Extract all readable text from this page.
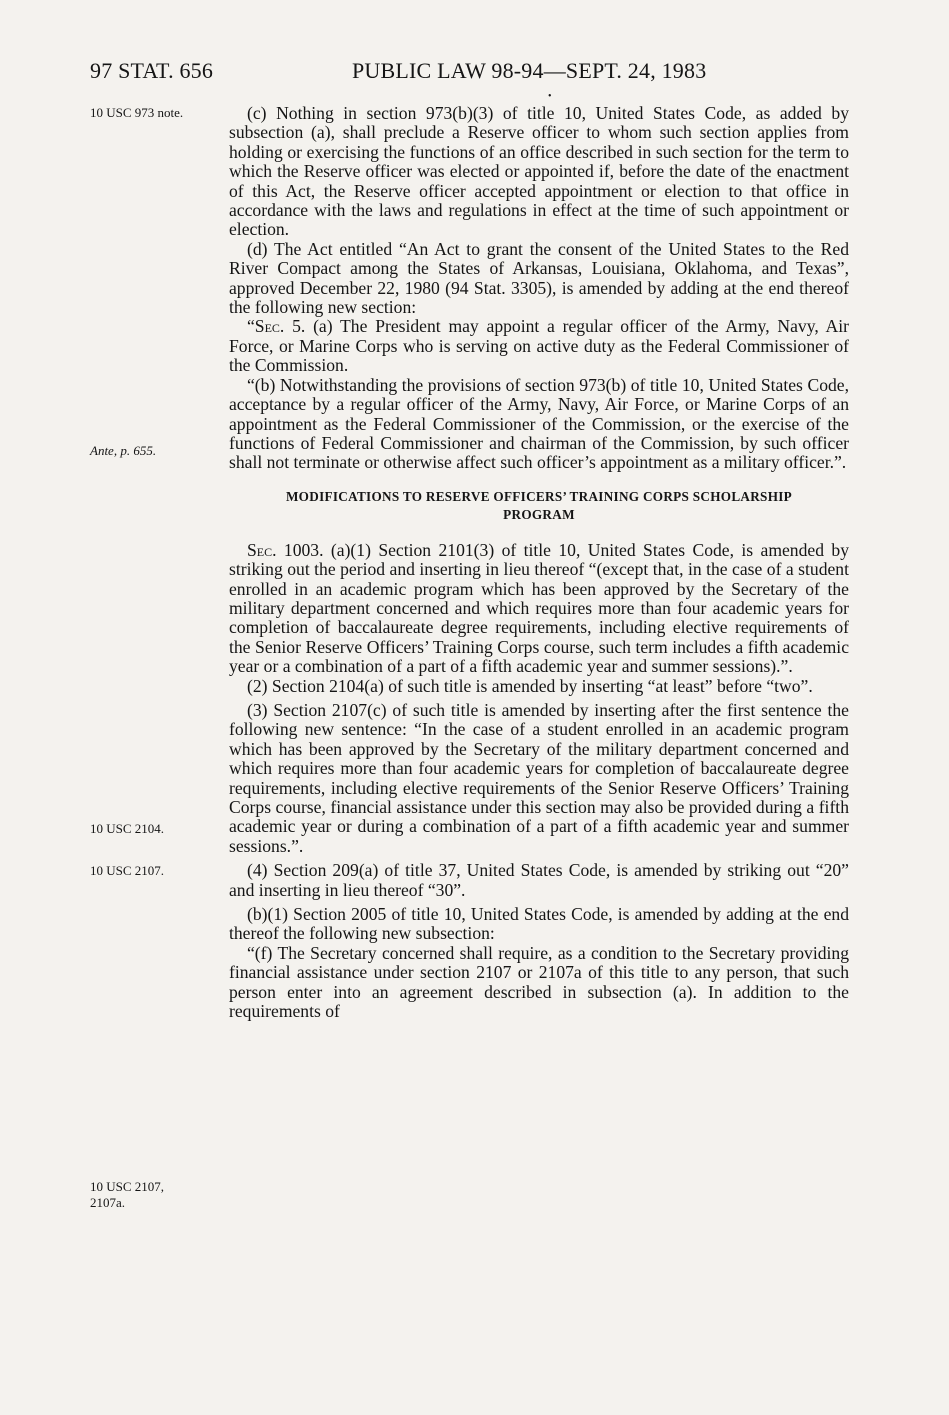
97 STAT. 656	PUBLIC LAW 98-94—SEPT. 24, 1983
•
10 USC 973 note.
Ante, p. 655.
10 USC 2104.
10 USC 2107.
10 USC 2107, 2107a.

(c) Nothing in section 973(b)(3) of title 10, United States Code, as added by subsection (a), shall preclude a Reserve officer to whom such section applies from holding or exercising the functions of an office described in such section for the term to which the Reserve officer was elected or appointed if, before the date of the enactment of this Act, the Reserve officer accepted appointment or election to that office in accordance with the laws and regulations in effect at the time of such appointment or election.

(d) The Act entitled “An Act to grant the consent of the United States to the Red River Compact among the States of Arkansas, Louisiana, Oklahoma, and Texas”, approved December 22, 1980 (94 Stat. 3305), is amended by adding at the end thereof the following new section:

“Sec. 5. (a) The President may appoint a regular officer of the Army, Navy, Air Force, or Marine Corps who is serving on active duty as the Federal Commissioner of the Commission.

“(b) Notwithstanding the provisions of section 973(b) of title 10, United States Code, acceptance by a regular officer of the Army, Navy, Air Force, or Marine Corps of an appointment as the Federal Commissioner of the Commission, or the exercise of the functions of Federal Commissioner and chairman of the Commission, by such officer shall not terminate or otherwise affect such officer’s appointment as a military officer.”.

MODIFICATIONS TO RESERVE OFFICERS’ TRAINING CORPS SCHOLARSHIP PROGRAM

Sec. 1003. (a)(1) Section 2101(3) of title 10, United States Code, is amended by striking out the period and inserting in lieu thereof “(except that, in the case of a student enrolled in an academic program which has been approved by the Secretary of the military department concerned and which requires more than four academic years for completion of baccalaureate degree requirements, including elective requirements of the Senior Reserve Officers’ Training Corps course, such term includes a fifth academic year or a combination of a part of a fifth academic year and summer sessions).”.

(2) Section 2104(a) of such title is amended by inserting “at least” before “two”.

(3) Section 2107(c) of such title is amended by inserting after the first sentence the following new sentence: “In the case of a student enrolled in an academic program which has been approved by the Secretary of the military department concerned and which requires more than four academic years for completion of baccalaureate degree requirements, including elective requirements of the Senior Reserve Officers’ Training Corps course, financial assistance under this section may also be provided during a fifth academic year or during a combination of a part of a fifth academic year and summer sessions.”.

(4) Section 209(a) of title 37, United States Code, is amended by striking out “20” and inserting in lieu thereof “30”.

(b)(1) Section 2005 of title 10, United States Code, is amended by adding at the end thereof the following new subsection:

“(f) The Secretary concerned shall require, as a condition to the Secretary providing financial assistance under section 2107 or 2107a of this title to any person, that such person enter into an agreement described in subsection (a). In addition to the requirements of
